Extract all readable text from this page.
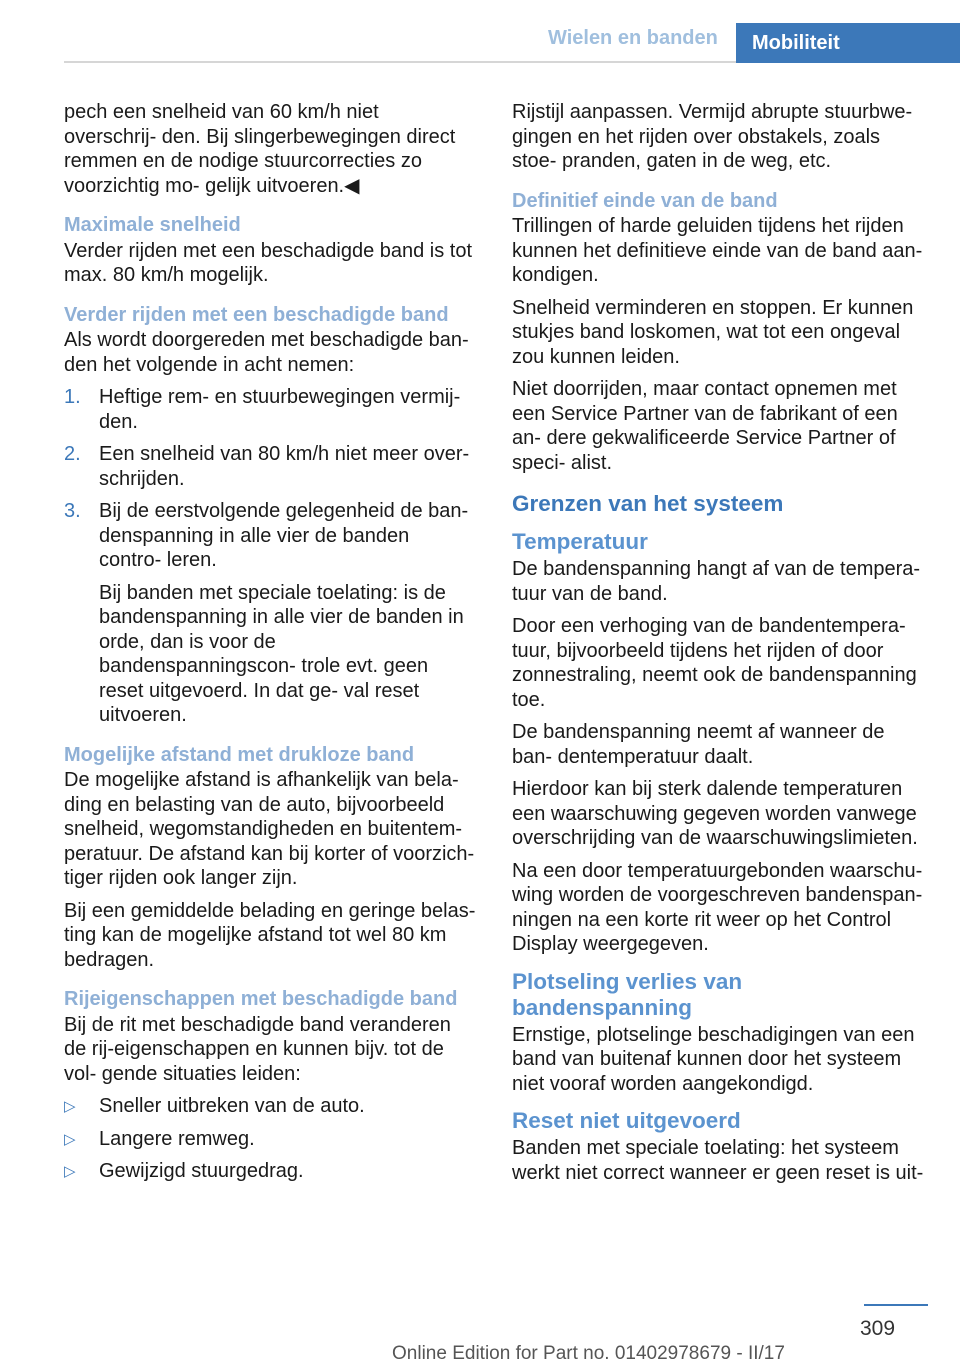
Wielen en banden	Mobiliteit

pech een snelheid van 60 km/h niet overschrij‐ den. Bij slingerbewegingen direct remmen en de nodige stuurcorrecties zo voorzichtig mo‐ gelijk uitvoeren.◀

Maximale snelheid

Verder rijden met een beschadigde band is tot max. 80 km/h mogelijk.

Verder rijden met een beschadigde band

Als wordt doorgereden met beschadigde ban‐ den het volgende in acht nemen:

1. Heftige rem- en stuurbewegingen vermij‐ den.

2. Een snelheid van 80 km/h niet meer over‐ schrijden.

3. Bij de eerstvolgende gelegenheid de ban‐ denspanning in alle vier de banden contro‐ leren.

Bij banden met speciale toelating: is de bandenspanning in alle vier de banden in orde, dan is voor de bandenspanningscon‐ trole evt. geen reset uitgevoerd. In dat ge‐ val reset uitvoeren.

Mogelijke afstand met drukloze band

De mogelijke afstand is afhankelijk van bela‐ ding en belasting van de auto, bijvoorbeeld snelheid, wegomstandigheden en buitentem‐ peratuur. De afstand kan bij korter of voorzich‐ tiger rijden ook langer zijn.

Bij een gemiddelde belading en geringe belas‐ ting kan de mogelijke afstand tot wel 80 km bedragen.

Rijeigenschappen met beschadigde band

Bij de rit met beschadigde band veranderen de rij-eigenschappen en kunnen bijv. tot de vol‐ gende situaties leiden:

▷ Sneller uitbreken van de auto.
▷ Langere remweg.
▷ Gewijzigd stuurgedrag.

Rijstijl aanpassen. Vermijd abrupte stuurbwe‐ gingen en het rijden over obstakels, zoals stoe‐ pranden, gaten in de weg, etc.

Definitief einde van de band

Trillingen of harde geluiden tijdens het rijden kunnen het definitieve einde van de band aan‐ kondigen.

Snelheid verminderen en stoppen. Er kunnen stukjes band loskomen, wat tot een ongeval zou kunnen leiden.

Niet doorrijden, maar contact opnemen met een Service Partner van de fabrikant of een an‐ dere gekwalificeerde Service Partner of speci‐ alist.

Grenzen van het systeem
Temperatuur

De bandenspanning hangt af van de tempera‐ tuur van de band.

Door een verhoging van de bandentempera‐ tuur, bijvoorbeeld tijdens het rijden of door zonnestraling, neemt ook de bandenspanning toe.

De bandenspanning neemt af wanneer de ban‐ dentemperatuur daalt.

Hierdoor kan bij sterk dalende temperaturen een waarschuwing gegeven worden vanwege overschrijding van de waarschuwingslimieten.

Na een door temperatuurgebonden waarschu‐ wing worden de voorgeschreven bandenspan‐ ningen na een korte rit weer op het Control Display weergegeven.

Plotseling verlies van bandenspanning

Ernstige, plotselinge beschadigingen van een band van buitenaf kunnen door het systeem niet vooraf worden aangekondigd.

Reset niet uitgevoerd

Banden met speciale toelating: het systeem werkt niet correct wanneer er geen reset is uit‐

309
Online Edition for Part no. 01402978679 - II/17
